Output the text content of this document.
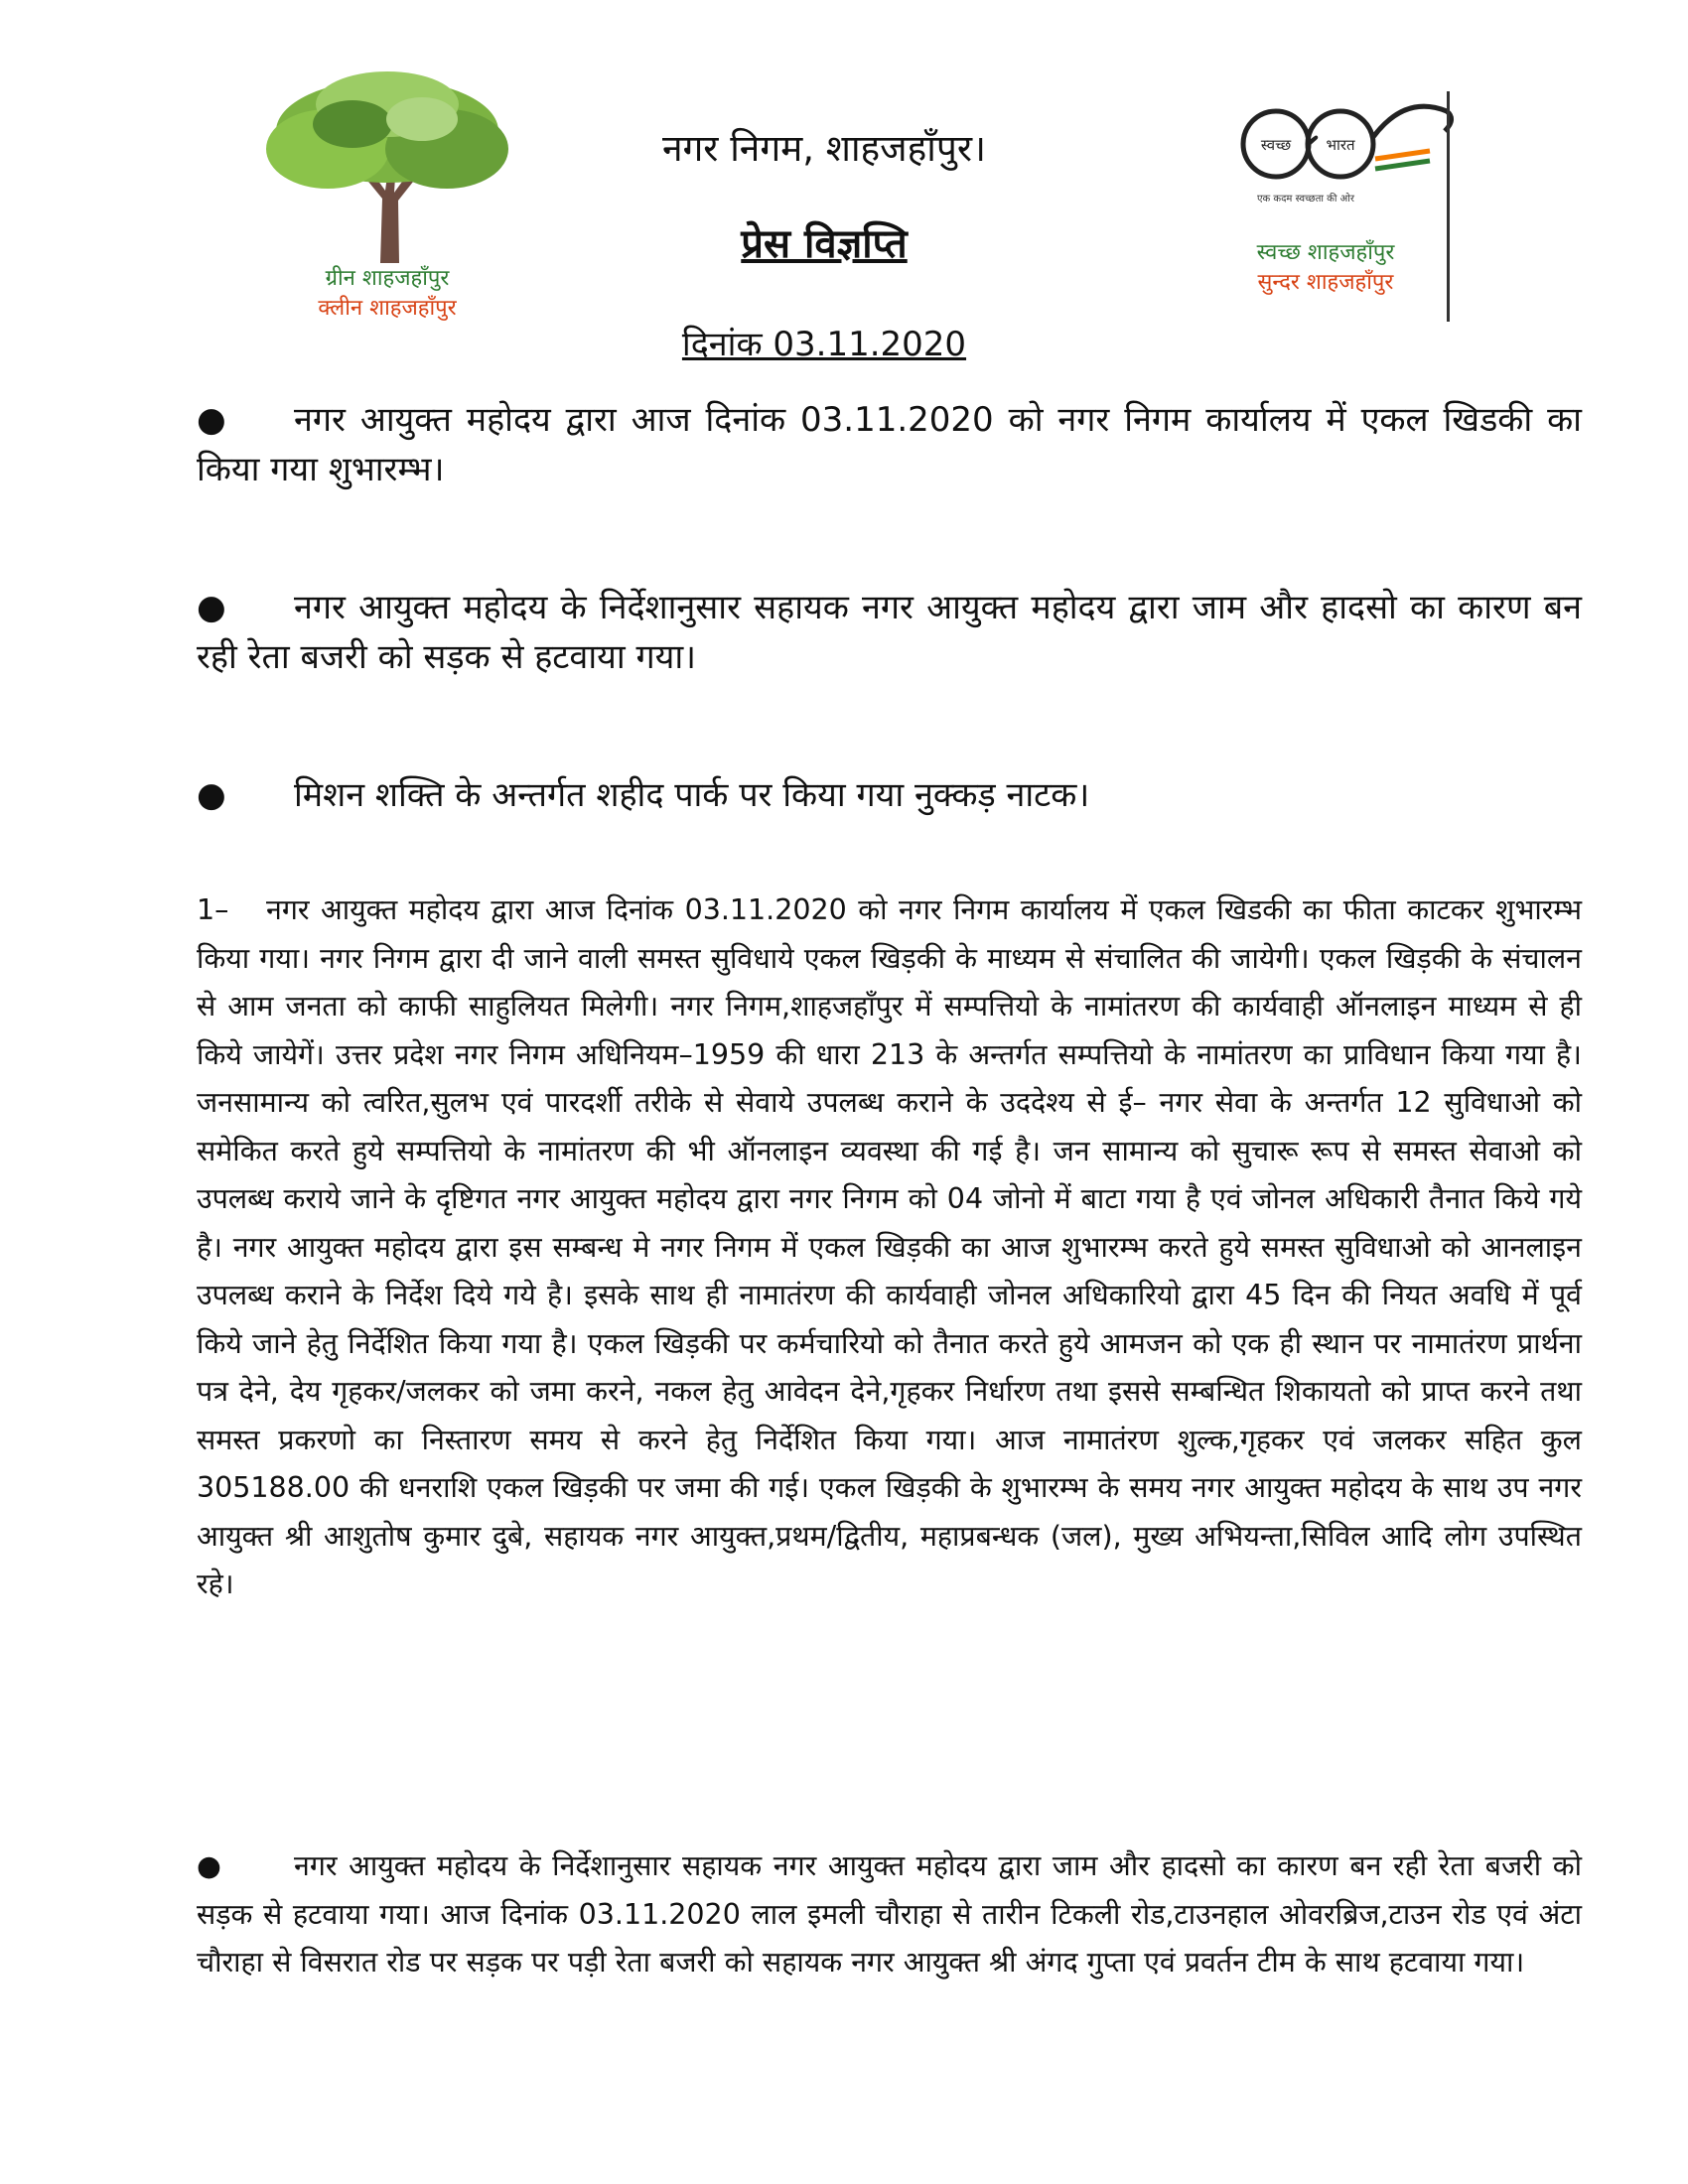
ग्रीन शाहजहाँपुर
क्लीन शाहजहाँपुर
नगर निगम, शाहजहाँपुर।
प्रेस विज्ञप्ति
दिनांक 03.11.2020
स्वच्छ भारत
एक कदम स्वच्छता की ओर
स्वच्छ शाहजहाँपुर
सुन्दर शाहजहाँपुर
● नगर आयुक्त महोदय द्वारा आज दिनांक 03.11.2020 को नगर निगम कार्यालय में एकल खिडकी का किया गया शुभारम्भ।
● नगर आयुक्त महोदय के निर्देशानुसार सहायक नगर आयुक्त महोदय द्वारा जाम और हादसो का कारण बन रही रेता बजरी को सड़क से हटवाया गया।
● मिशन शक्ति के अन्तर्गत शहीद पार्क पर किया गया नुक्कड़ नाटक।
1– नगर आयुक्त महोदय द्वारा आज दिनांक 03.11.2020 को नगर निगम कार्यालय में एकल खिडकी का फीता काटकर शुभारम्भ किया गया। नगर निगम द्वारा दी जाने वाली समस्त सुविधाये एकल खिड़की के माध्यम से संचालित की जायेगी। एकल खिड़की के संचालन से आम जनता को काफी साहुलियत मिलेगी। नगर निगम,शाहजहाँपुर में सम्पत्तियो के नामांतरण की कार्यवाही ऑनलाइन माध्यम से ही किये जायेगें। उत्तर प्रदेश नगर निगम अधिनियम–1959 की धारा 213 के अन्तर्गत सम्पत्तियो के नामांतरण का प्राविधान किया गया है। जनसामान्य को त्वरित,सुलभ एवं पारदर्शी तरीके से सेवाये उपलब्ध कराने के उददेश्य से ई– नगर सेवा के अन्तर्गत 12 सुविधाओ को समेकित करते हुये सम्पत्तियो के नामांतरण की भी ऑनलाइन व्यवस्था की गई है। जन सामान्य को सुचारू रूप से समस्त सेवाओ को उपलब्ध कराये जाने के दृष्टिगत नगर आयुक्त महोदय द्वारा नगर निगम को 04 जोनो में बाटा गया है एवं जोनल अधिकारी तैनात किये गये है। नगर आयुक्त महोदय द्वारा इस सम्बन्ध मे नगर निगम में एकल खिड़की का आज शुभारम्भ करते हुये समस्त सुविधाओ को आनलाइन उपलब्ध कराने के निर्देश दिये गये है। इसके साथ ही नामातंरण की कार्यवाही जोनल अधिकारियो द्वारा 45 दिन की नियत अवधि में पूर्व किये जाने हेतु निर्देशित किया गया है। एकल खिड़की पर कर्मचारियो को तैनात करते हुये आमजन को एक ही स्थान पर नामातंरण प्रार्थना पत्र देने, देय गृहकर/जलकर को जमा करने, नकल हेतु आवेदन देने,गृहकर निर्धारण तथा इससे सम्बन्धित शिकायतो को प्राप्त करने तथा समस्त प्रकरणो का निस्तारण समय से करने हेतु निर्देशित किया गया। आज नामातंरण शुल्क,गृहकर एवं जलकर सहित कुल 305188.00 की धनराशि एकल खिड़की पर जमा की गई। एकल खिड़की के शुभारम्भ के समय नगर आयुक्त महोदय के साथ उप नगर आयुक्त श्री आशुतोष कुमार दुबे, सहायक नगर आयुक्त,प्रथम/द्वितीय, महाप्रबन्धक (जल), मुख्य अभियन्ता,सिविल आदि लोग उपस्थित रहे।
●	नगर आयुक्त महोदय के निर्देशानुसार सहायक नगर आयुक्त महोदय द्वारा जाम और हादसो का कारण बन रही रेता बजरी को सड़क से हटवाया गया। आज दिनांक 03.11.2020 लाल इमली चौराहा से तारीन टिकली रोड,टाउनहाल ओवरब्रिज,टाउन रोड एवं अंटा चौराहा से विसरात रोड पर सड़क पर पड़ी रेता बजरी को सहायक नगर आयुक्त श्री अंगद गुप्ता एवं प्रवर्तन टीम के साथ हटवाया गया।
